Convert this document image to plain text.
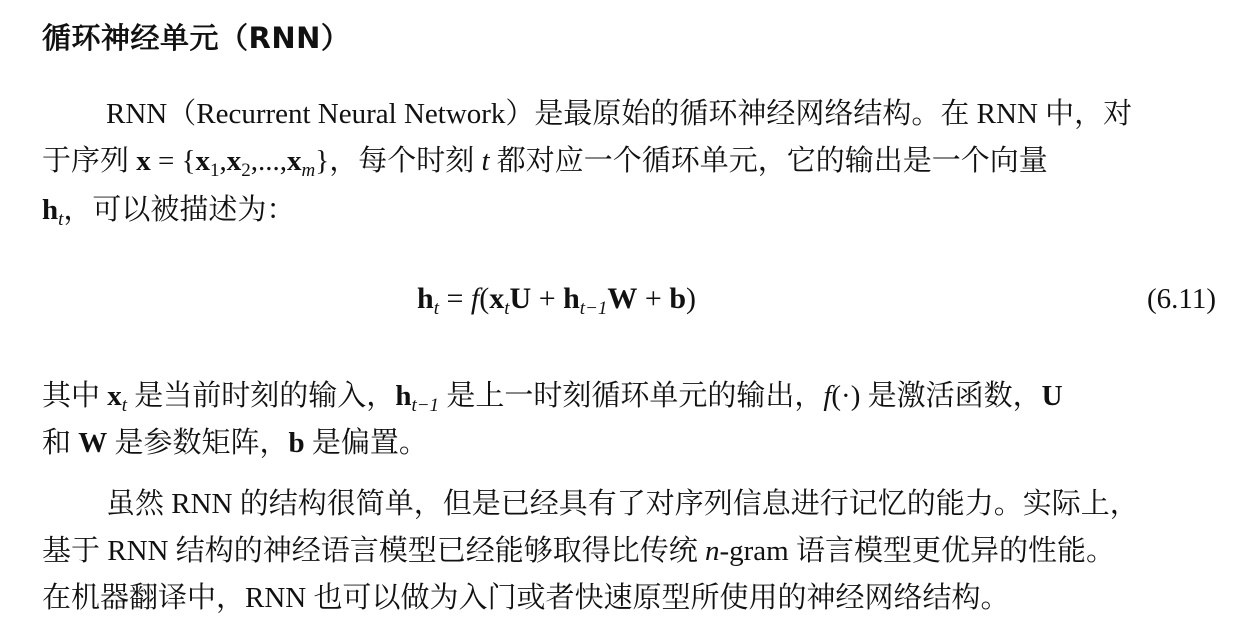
循环神经单元（RNN）
RNN（Recurrent Neural Network）是最原始的循环神经网络结构。在 RNN 中，对
于序列 $x = \{x_1,x_2,...,x_m\}$，每个时刻 t 都对应一个循环单元，它的输出是一个向量
$h_t$，可以被描述为：
$h_t = f(x_tU + h_{t-1}W + b)$	(6.11)
其中 $x_t$ 是当前时刻的输入，$h_{t-1}$ 是上一时刻循环单元的输出，f(·) 是激活函数，U
和 W 是参数矩阵，b 是偏置。
虽然 RNN 的结构很简单，但是已经具有了对序列信息进行记忆的能力。实际上，
基于 RNN 结构的神经语言模型已经能够取得比传统 n-gram 语言模型更优异的性能。
在机器翻译中，RNN 也可以做为入门或者快速原型所使用的神经网络结构。
